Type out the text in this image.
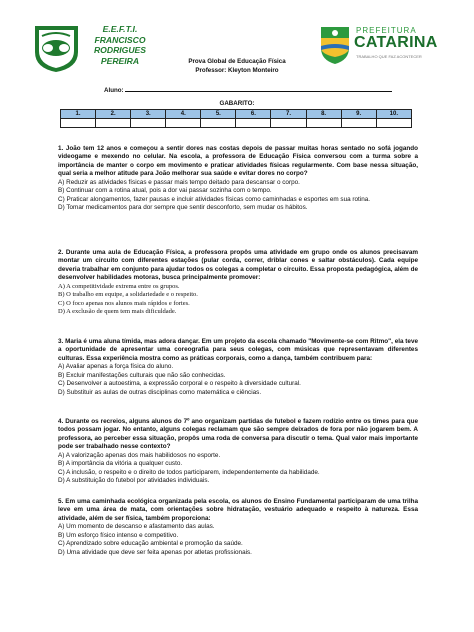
E.E.F.T.I.
FRANCISCO
RODRIGUES
PEREIRA
PREFEITURA
CATARINA
TRABALHO QUE FAZ ACONTECER
Prova Global de Educação Física
Professor: Kleyton Monteiro
Aluno:
GABARITO:
1.	2.	3.	4.	5.	6.	7.	8.	9.	10.

1. João tem 12 anos e começou a sentir dores nas costas depois de passar muitas horas sentado no sofá jogando videogame e mexendo no celular. Na escola, a professora de Educação Física conversou com a turma sobre a importância de manter o corpo em movimento e praticar atividades físicas regularmente. Com base nessa situação, qual seria a melhor atitude para João melhorar sua saúde e evitar dores no corpo?

A) Reduzir as atividades físicas e passar mais tempo deitado para descansar o corpo.

B) Continuar com a rotina atual, pois a dor vai passar sozinha com o tempo.

C) Praticar alongamentos, fazer pausas e incluir atividades físicas como caminhadas e esportes em sua rotina.

D) Tomar medicamentos para dor sempre que sentir desconforto, sem mudar os hábitos.

2. Durante uma aula de Educação Física, a professora propôs uma atividade em grupo onde os alunos precisavam montar um circuito com diferentes estações (pular corda, correr, driblar cones e saltar obstáculos). Cada equipe deveria trabalhar em conjunto para ajudar todos os colegas a completar o circuito. Essa proposta pedagógica, além de desenvolver habilidades motoras, busca principalmente promover:

A) A competitividade extrema entre os grupos.

B) O trabalho em equipe, a solidariedade e o respeito.

C) O foco apenas nos alunos mais rápidos e fortes.

D) A exclusão de quem tem mais dificuldade.

3. Maria é uma aluna tímida, mas adora dançar. Em um projeto da escola chamado "Movimente-se com Ritmo", ela teve a oportunidade de apresentar uma coreografia para seus colegas, com músicas que representavam diferentes culturas. Essa experiência mostra como as práticas corporais, como a dança, também contribuem para:

A) Avaliar apenas a força física do aluno.

B) Excluir manifestações culturais que não são conhecidas.

C) Desenvolver a autoestima, a expressão corporal e o respeito à diversidade cultural.

D) Substituir as aulas de outras disciplinas como matemática e ciências.

4. Durante os recreios, alguns alunos do 7º ano organizam partidas de futebol e fazem rodízio entre os times para que todos possam jogar. No entanto, alguns colegas reclamam que são sempre deixados de fora por não jogarem bem. A professora, ao perceber essa situação, propôs uma roda de conversa para discutir o tema. Qual valor mais importante pode ser trabalhado nesse contexto?

A) A valorização apenas dos mais habilidosos no esporte.

B) A importância da vitória a qualquer custo.

C) A inclusão, o respeito e o direito de todos participarem, independentemente da habilidade.

D) A substituição do futebol por atividades individuais.

5. Em uma caminhada ecológica organizada pela escola, os alunos do Ensino Fundamental participaram de uma trilha leve em uma área de mata, com orientações sobre hidratação, vestuário adequado e respeito à natureza. Essa atividade, além de ser física, também proporciona:

A) Um momento de descanso e afastamento das aulas.

B) Um esforço físico intenso e competitivo.

C) Aprendizado sobre educação ambiental e promoção da saúde.

D) Uma atividade que deve ser feita apenas por atletas profissionais.
